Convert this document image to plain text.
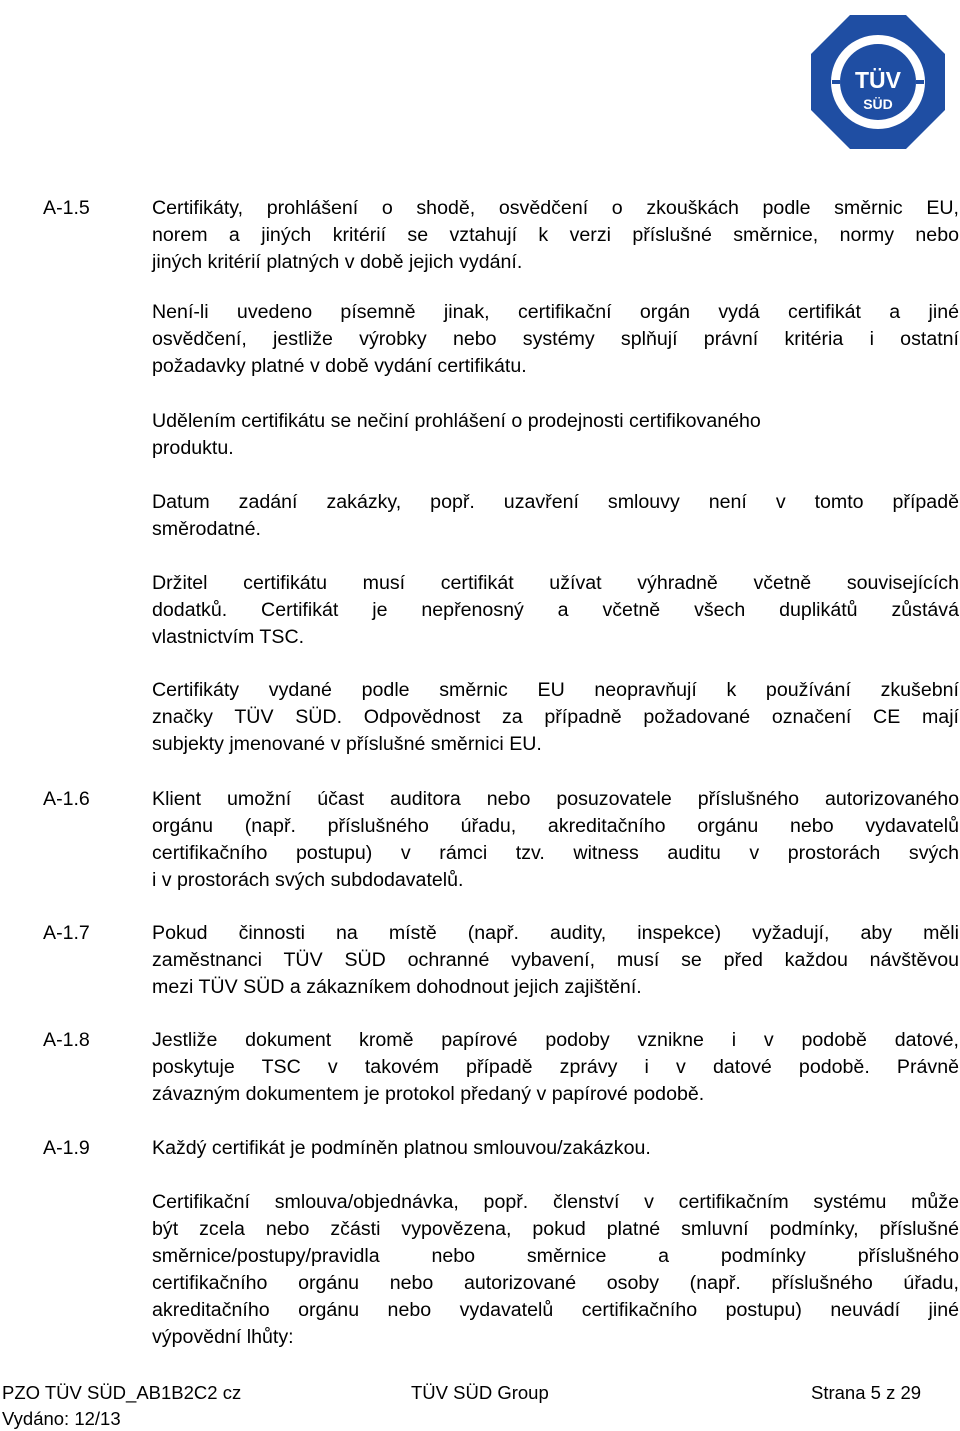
TÜV
SÜD
A-1.5	Certifikáty, prohlášení o shodě, osvědčení o zkouškách podle směrnic EU,
norem a jiných kritérií se vztahují k verzi příslušné směrnice, normy nebo
jiných kritérií platných v době jejich vydání.
Není-li uvedeno písemně jinak, certifikační orgán vydá certifikát a jiné
osvědčení, jestliže výrobky nebo systémy splňují právní kritéria i ostatní
požadavky platné v době vydání certifikátu.
Udělením certifikátu se nečiní prohlášení o prodejnosti certifikovaného
produktu.
Datum zadání zakázky, popř. uzavření smlouvy není v tomto případě
směrodatné.
Držitel certifikátu musí certifikát užívat výhradně včetně souvisejících
dodatků. Certifikát je nepřenosný a včetně všech duplikátů zůstává
vlastnictvím TSC.
Certifikáty vydané podle směrnic EU neopravňují k používání zkušební
značky TÜV SÜD. Odpovědnost za případně požadované označení CE mají
subjekty jmenované v příslušné směrnici EU.
A-1.6	Klient umožní účast auditora nebo posuzovatele příslušného autorizovaného
orgánu (např. příslušného úřadu, akreditačního orgánu nebo vydavatelů
certifikačního postupu) v rámci tzv. witness auditu v prostorách svých
i v prostorách svých subdodavatelů.
A-1.7	Pokud činnosti na místě (např. audity, inspekce) vyžadují, aby měli
zaměstnanci TÜV SÜD ochranné vybavení, musí se před každou návštěvou
mezi TÜV SÜD a zákazníkem dohodnout jejich zajištění.
A-1.8	Jestliže dokument kromě papírové podoby vznikne i v podobě datové,
poskytuje TSC v takovém případě zprávy i v datové podobě. Právně
závazným dokumentem je protokol předaný v papírové podobě.
A-1.9	Každý certifikát je podmíněn platnou smlouvou/zakázkou.
Certifikační smlouva/objednávka, popř. členství v certifikačním systému může
být zcela nebo zčásti vypovězena, pokud platné smluvní podmínky, příslušné
směrnice/postupy/pravidla nebo směrnice a podmínky příslušného
certifikačního orgánu nebo autorizované osoby (např. příslušného úřadu,
akreditačního orgánu nebo vydavatelů certifikačního postupu) neuvádí jiné
výpovědní lhůty:
PZO TÜV SÜD_AB1B2C2 cz	TÜV SÜD Group	Strana 5 z 29
Vydáno: 12/13
